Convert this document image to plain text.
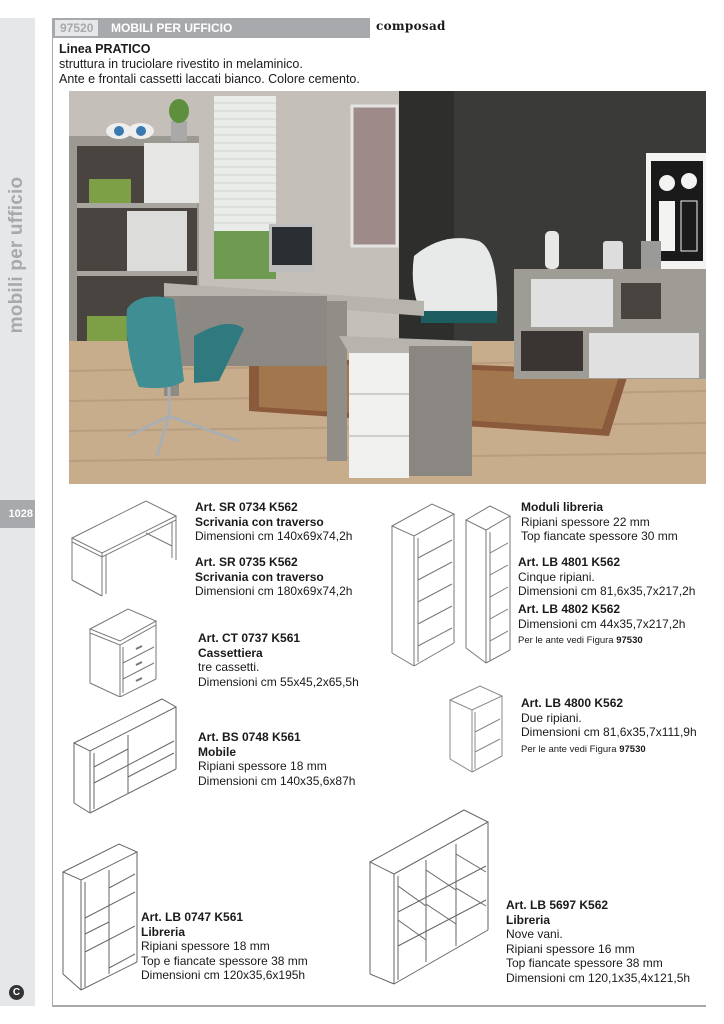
mobili per ufficio
1028
C
97520	MOBILI PER UFFICIO	composad
Linea PRATICO
struttura in truciolare rivestito in melaminico.
Ante e frontali cassetti laccati bianco. Colore cemento.
Art. SR 0734 K562
Scrivania con traverso
Dimensioni cm 140x69x74,2h
Art. SR 0735 K562
Scrivania con traverso
Dimensioni cm 180x69x74,2h
Moduli libreria
Ripiani spessore 22 mm
Top fiancate spessore 30 mm
Art. LB 4801 K562
Cinque ripiani.
Dimensioni cm 81,6x35,7x217,2h
Art. LB 4802 K562
Dimensioni cm 44x35,7x217,2h
Per le ante vedi Figura 97530
Art. CT 0737 K561
Cassettiera
tre cassetti.
Dimensioni cm 55x45,2x65,5h
Art. LB 4800 K562
Due ripiani.
Dimensioni cm 81,6x35,7x111,9h
Per le ante vedi Figura 97530
Art. BS 0748 K561
Mobile
Ripiani spessore 18 mm
Dimensioni cm 140x35,6x87h
Art. LB 0747 K561
Libreria
Ripiani spessore 18 mm
Top e fiancate spessore 38 mm
Dimensioni cm 120x35,6x195h
Art. LB 5697 K562
Libreria
Nove vani.
Ripiani spessore 16 mm
Top fiancate spessore 38 mm
Dimensioni cm 120,1x35,4x121,5h
